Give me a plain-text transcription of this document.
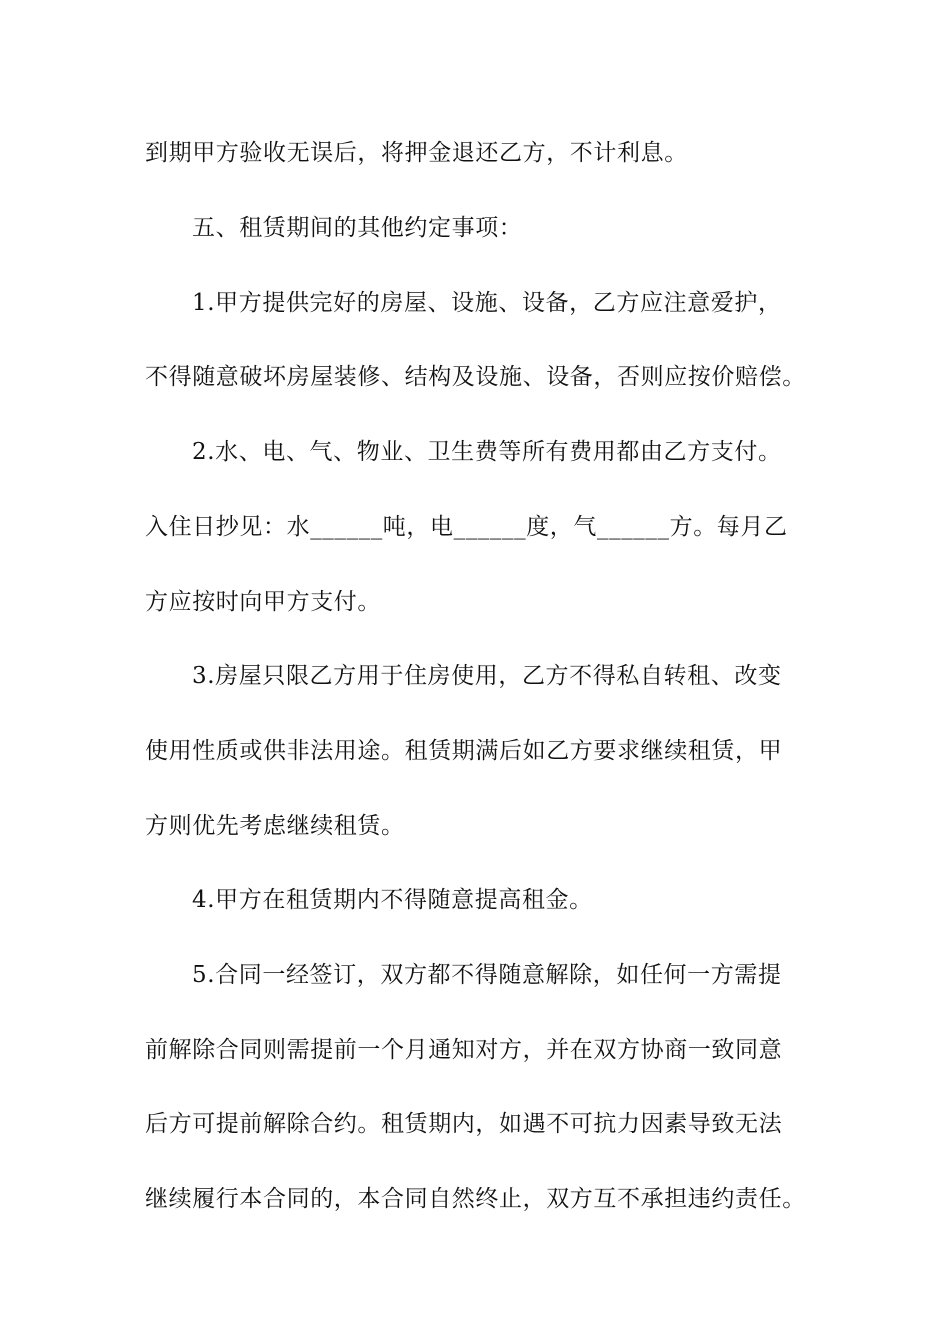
到期甲方验收无误后，将押金退还乙方，不计利息。
五、租赁期间的其他约定事项：
1.甲方提供完好的房屋、设施、设备，乙方应注意爱护，
不得随意破坏房屋装修、结构及设施、设备，否则应按价赔偿。
2.水、电、气、物业、卫生费等所有费用都由乙方支付。
入住日抄见：水______吨，电______度，气______方。每月乙
方应按时向甲方支付。
3.房屋只限乙方用于住房使用，乙方不得私自转租、改变
使用性质或供非法用途。租赁期满后如乙方要求继续租赁，甲
方则优先考虑继续租赁。
4.甲方在租赁期内不得随意提高租金。
5.合同一经签订，双方都不得随意解除，如任何一方需提
前解除合同则需提前一个月通知对方，并在双方协商一致同意
后方可提前解除合约。租赁期内，如遇不可抗力因素导致无法
继续履行本合同的，本合同自然终止，双方互不承担违约责任。
